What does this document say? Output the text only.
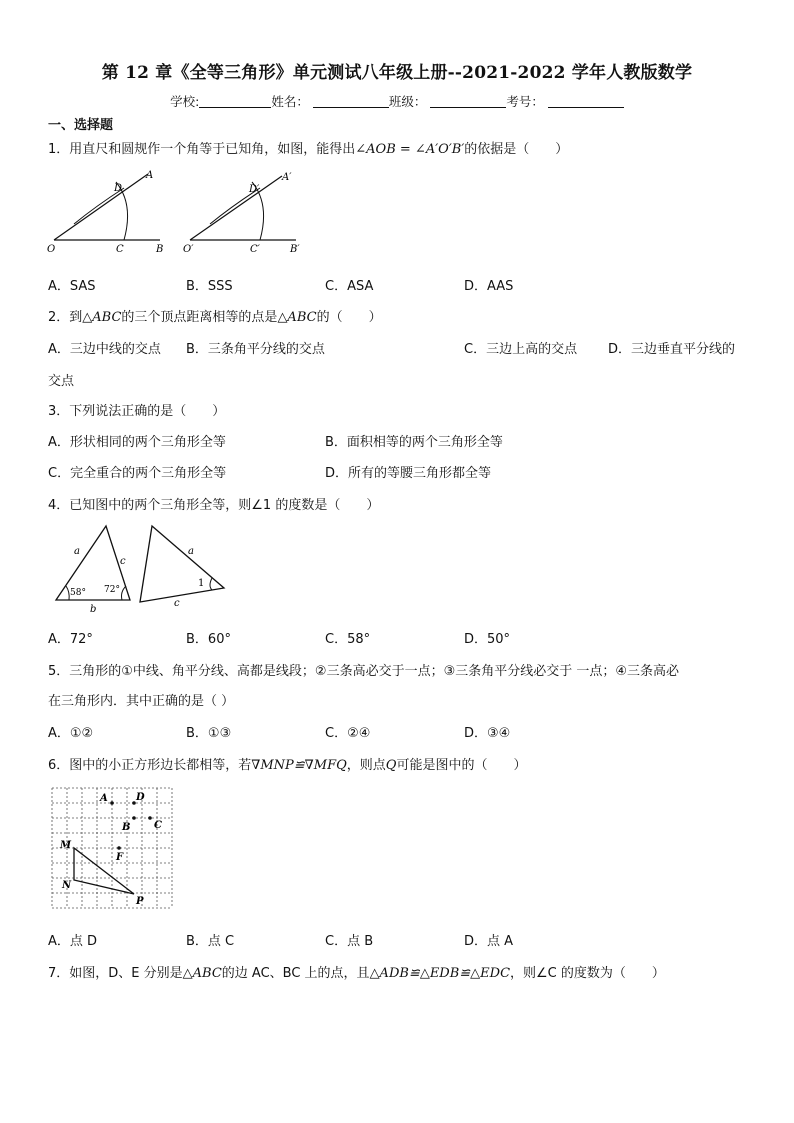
第 12 章《全等三角形》单元测试八年级上册--2021-2022 学年人教版数学
学校:	姓名：	班级：	考号：
一、选择题
1．用直尺和圆规作一个角等于已知角，如图，能得出∠AOB = ∠A′O′B′的依据是（　　）
D
A
O	C	B
D′
A′
O′	C′	B′
A．SAS	B．SSS	C．ASA	D．AAS
2．到△ABC的三个顶点距离相等的点是△ABC的（　　）
A．三边中线的交点 B．三条角平分线的交点	C．三边上高的交点 D．三边垂直平分线的
交点
3．下列说法正确的是（　　）
A．形状相同的两个三角形全等	B．面积相等的两个三角形全等
C．完全重合的两个三角形全等	D．所有的等腰三角形都全等
4．已知图中的两个三角形全等，则∠1 的度数是（　　）
a
c
58° 72°
b
a
1
c
A．72°	B．60°	C．58°	D．50°
5．三角形的①中线、角平分线、高都是线段；②三条高必交于一点；③三条角平分线必交于 一点；④三条高必
在三角形内．其中正确的是（ ）
A．①②	B．①③	C．②④	D．③④
6．图中的小正方形边长都相等，若∇MNP≌∇MFQ，则点Q可能是图中的（　　）
A	D
B C
M
F
N
P
A．点 D	B．点 C	C．点 B	D．点 A
7．如图，D、E 分别是△ABC的边 AC、BC 上的点，且△ADB≌△EDB≌△EDC，则∠C 的度数为（　　）
